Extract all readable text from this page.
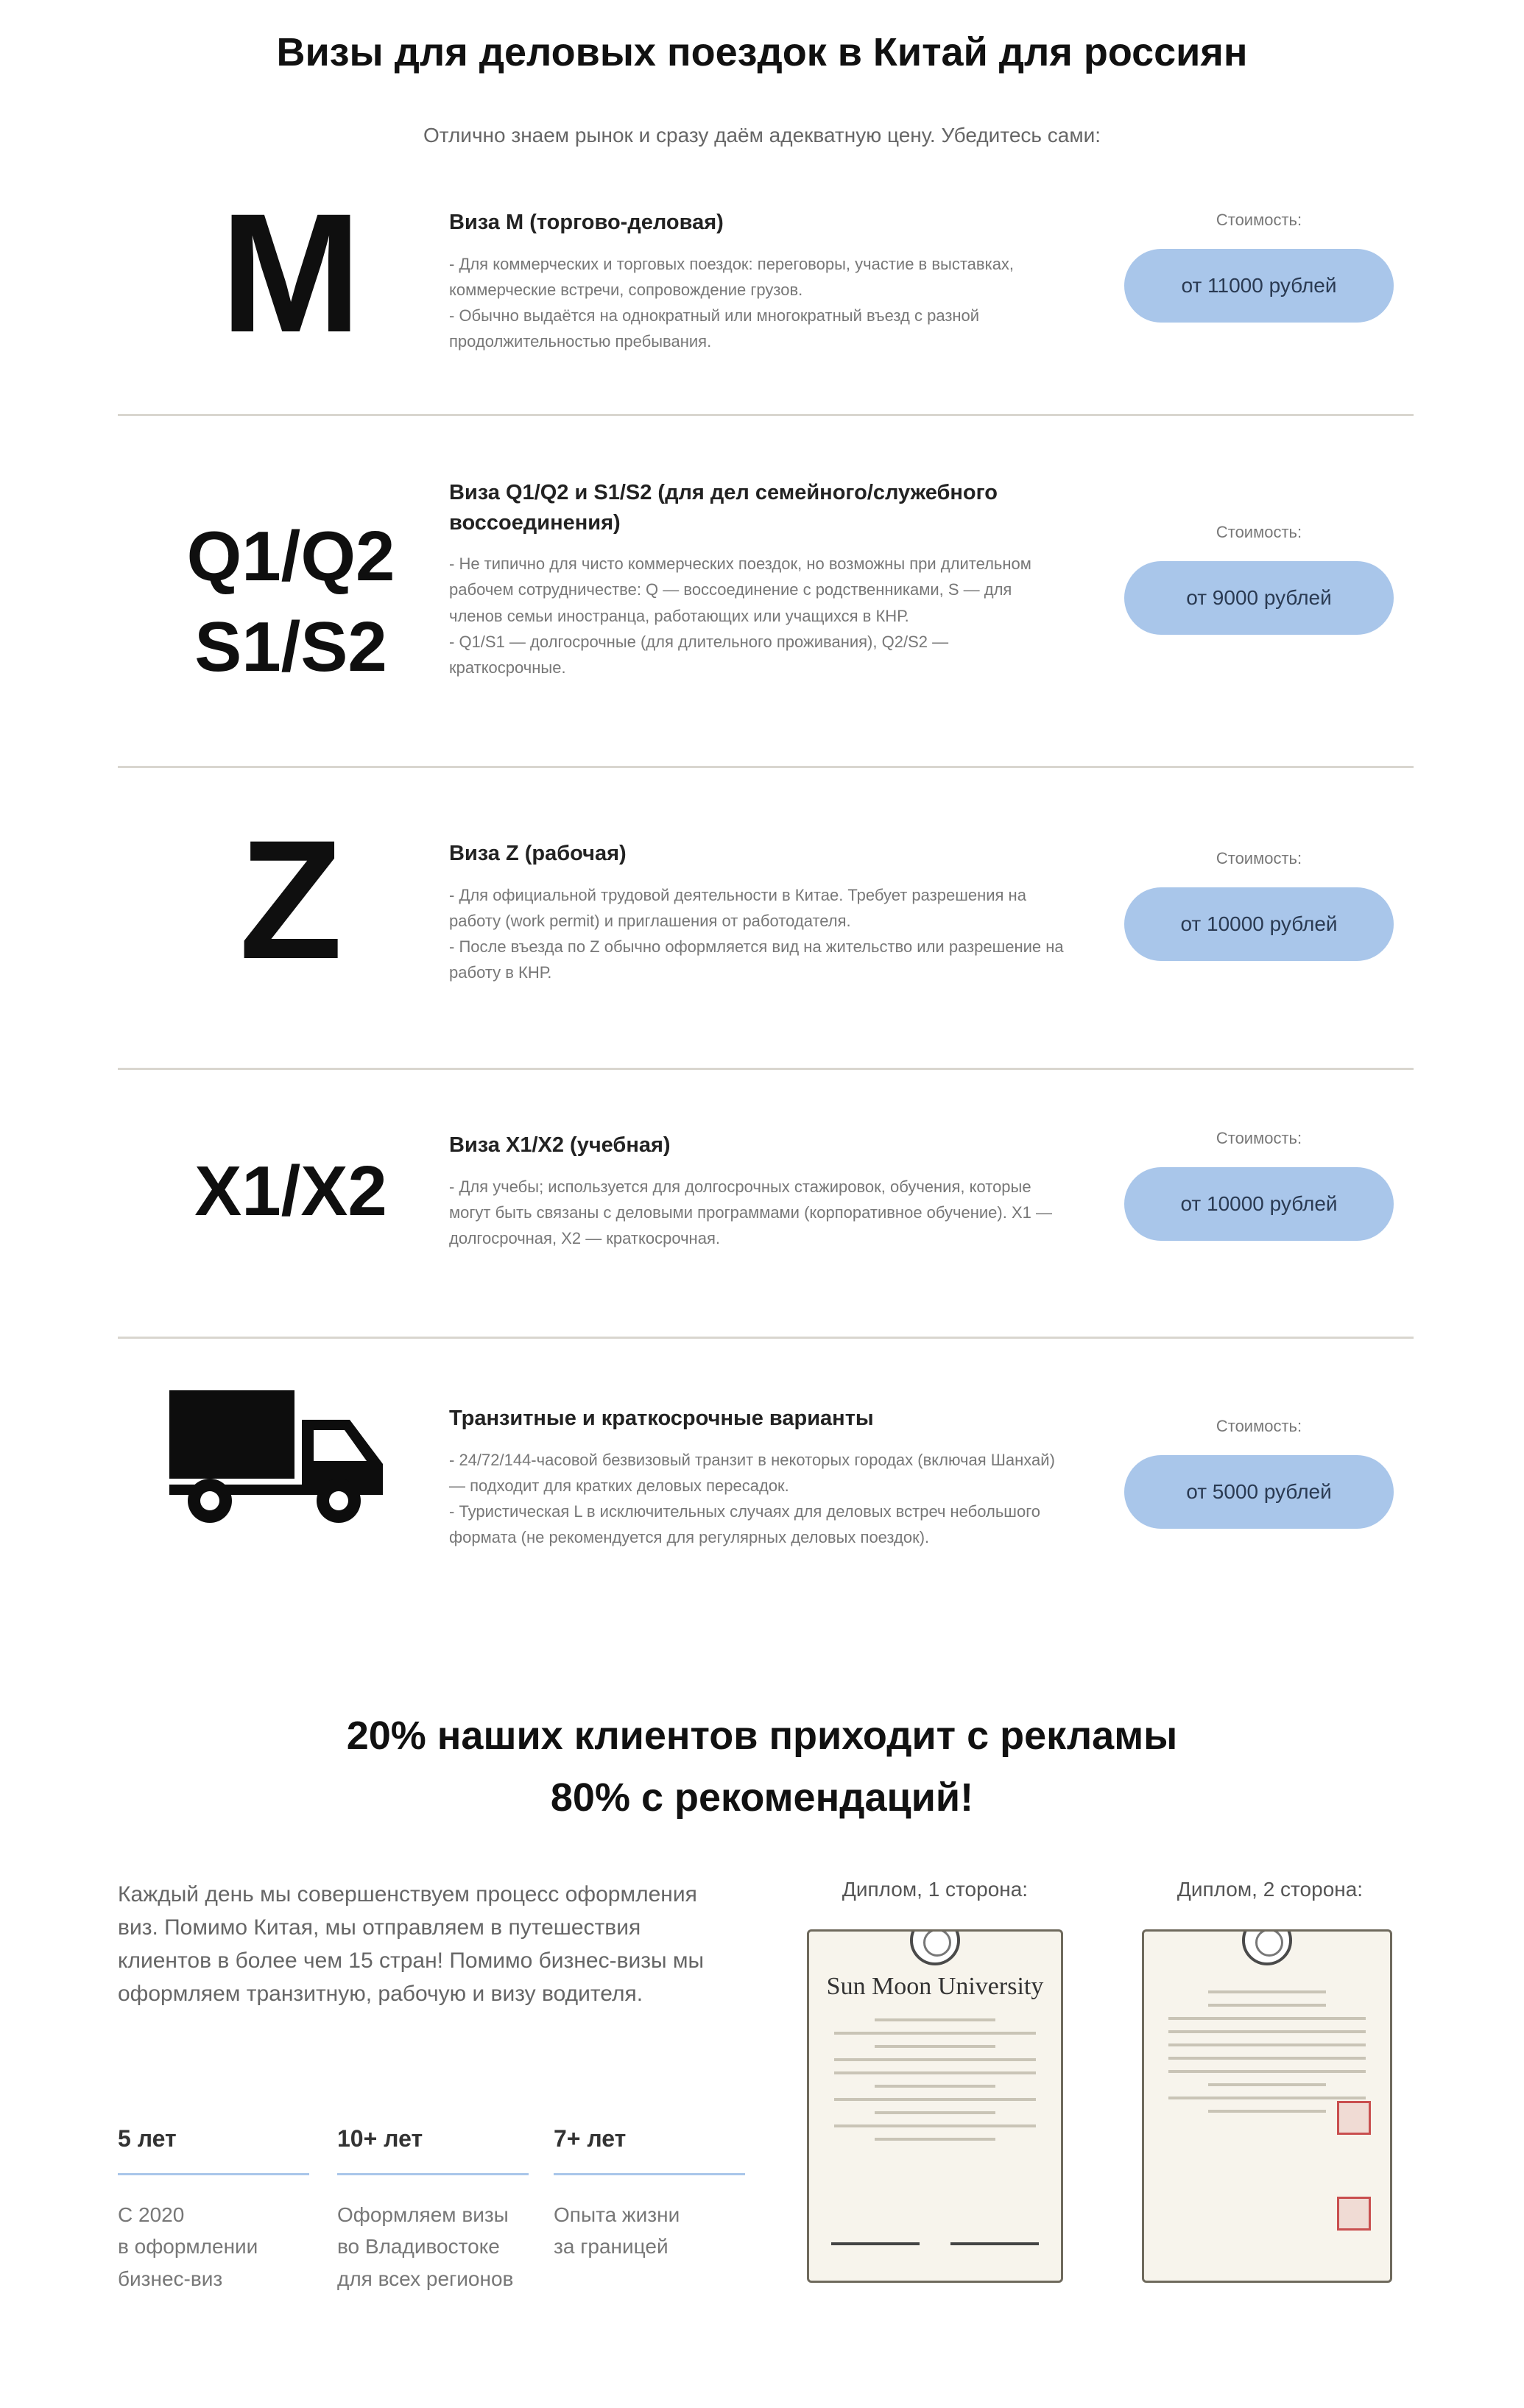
Визы для деловых поездок в Китай для россиян
Отлично знаем рынок и сразу даём адекватную цену. Убедитесь сами:
M	Виза M (торгово-деловая)
- Для коммерческих и торговых поездок: переговоры, участие в выставках, коммерческие встречи, сопровождение грузов.
- Обычно выдаётся на однократный или многократный въезд с разной продолжительностью пребывания.
Стоимость:
от 11000 рублей
Q1/Q2
S1/S2
Виза Q1/Q2 и S1/S2 (для дел семейного/служебного воссоединения)
- Не типично для чисто коммерческих поездок, но возможны при длительном рабочем сотрудничестве: Q — воссоединение с родственниками, S — для членов семьи иностранца, работающих или учащихся в КНР.
- Q1/S1 — долгосрочные (для длительного проживания), Q2/S2 — краткосрочные.
Стоимость:
от 9000 рублей
Z	Виза Z (рабочая)
- Для официальной трудовой деятельности в Китае. Требует разрешения на работу (work permit) и приглашения от работодателя.
- После въезда по Z обычно оформляется вид на жительство или разрешение на работу в КНР.
Стоимость:
от 10000 рублей
X1/X2
Виза X1/X2 (учебная)
- Для учебы; используется для долгосрочных стажировок, обучения, которые могут быть связаны с деловыми программами (корпоративное обучение). X1 — долгосрочная, X2 — краткосрочная.
Стоимость:
от 10000 рублей
Транзитные и краткосрочные варианты
- 24/72/144-часовой безвизовый транзит в некоторых городах (включая Шанхай) — подходит для кратких деловых пересадок.
- Туристическая L в исключительных случаях для деловых встреч небольшого формата (не рекомендуется для регулярных деловых поездок).
Стоимость:
от 5000 рублей
20% наших клиентов приходит с рекламы
80% с рекомендаций!
Каждый день мы совершенствуем процесс оформления виз. Помимо Китая, мы отправляем в путешествия клиентов в более чем 15 стран! Помимо бизнес-визы мы оформляем транзитную, рабочую и визу водителя.
5 лет
С 2020
в оформлении
бизнес-виз
10+ лет
Оформляем визы
во Владивостоке
для всех регионов
7+ лет
Опыта жизни
за границей
Диплом, 1 сторона:
Sun Moon University
Диплом, 2 сторона:
